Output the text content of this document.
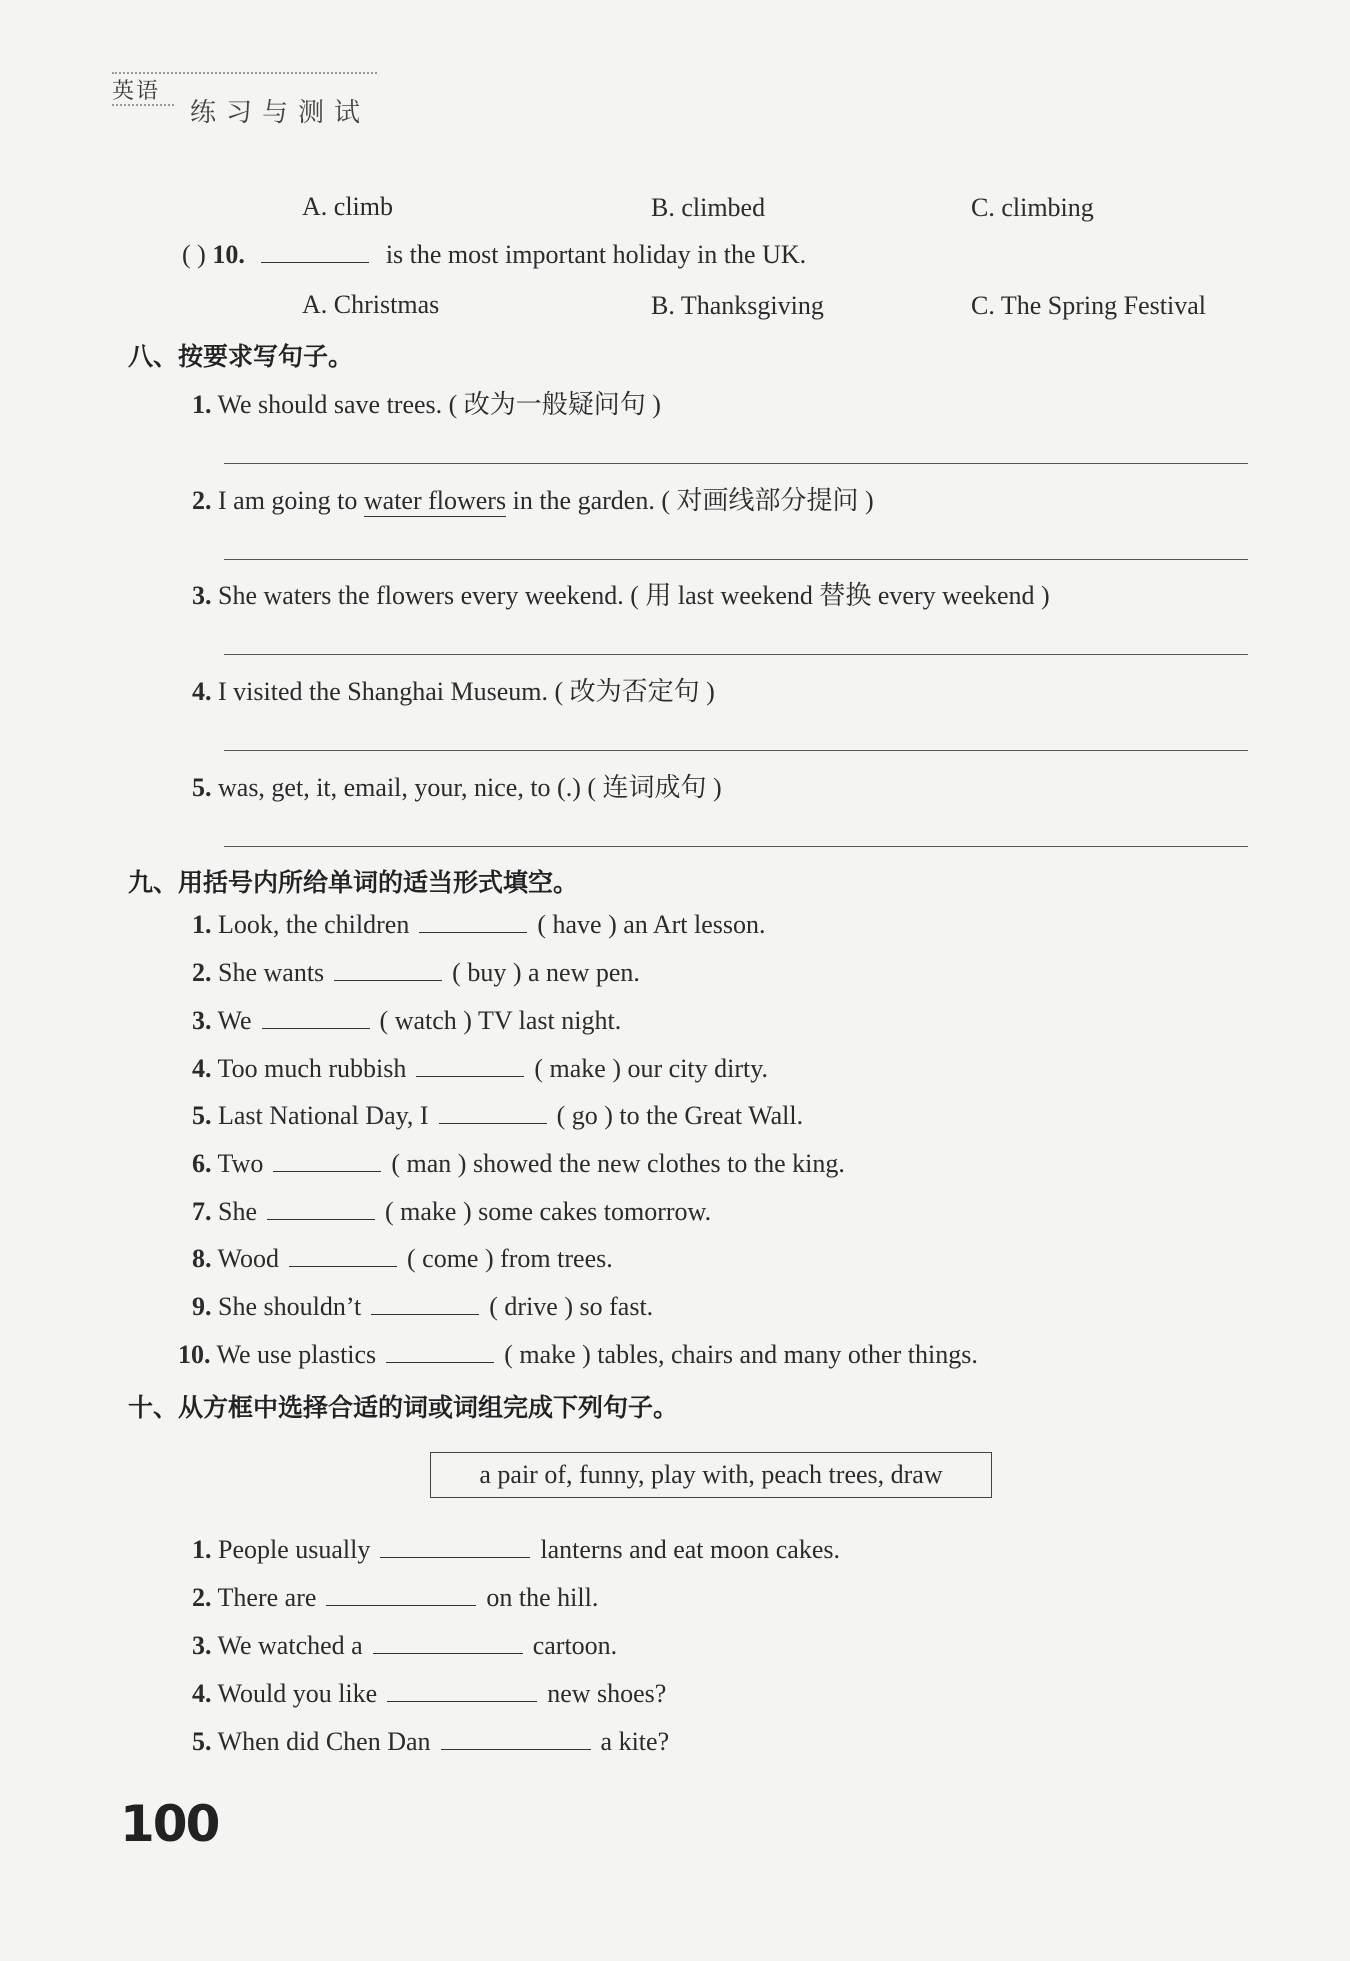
英语
练习与测试
A. climb	B. climbed	C. climbing
( ) 10.	is the most important holiday in the UK.
A. Christmas	B. Thanksgiving	C. The Spring Festival
八、按要求写句子。
1. We should save trees. ( 改为一般疑问句 )
2. I am going to water flowers in the garden. ( 对画线部分提问 )
3. She waters the flowers every weekend. ( 用 last weekend 替换 every weekend )
4. I visited the Shanghai Museum. ( 改为否定句 )
5. was, get, it, email, your, nice, to (.) ( 连词成句 )
九、用括号内所给单词的适当形式填空。
1. Look, the children	( have ) an Art lesson.
2. She wants	( buy ) a new pen.
3. We	( watch ) TV last night.
4. Too much rubbish	( make ) our city dirty.
5. Last National Day, I	( go ) to the Great Wall.
6. Two	( man ) showed the new clothes to the king.
7. She	( make ) some cakes tomorrow.
8. Wood	( come ) from trees.
9. She shouldn’t	( drive ) so fast.
10. We use plastics	( make ) tables, chairs and many other things.
十、从方框中选择合适的词或词组完成下列句子。
a pair of, funny, play with, peach trees, draw
1. People usually	lanterns and eat moon cakes.
2. There are	on the hill.
3. We watched a	cartoon.
4. Would you like	new shoes?
5. When did Chen Dan	a kite?
100
